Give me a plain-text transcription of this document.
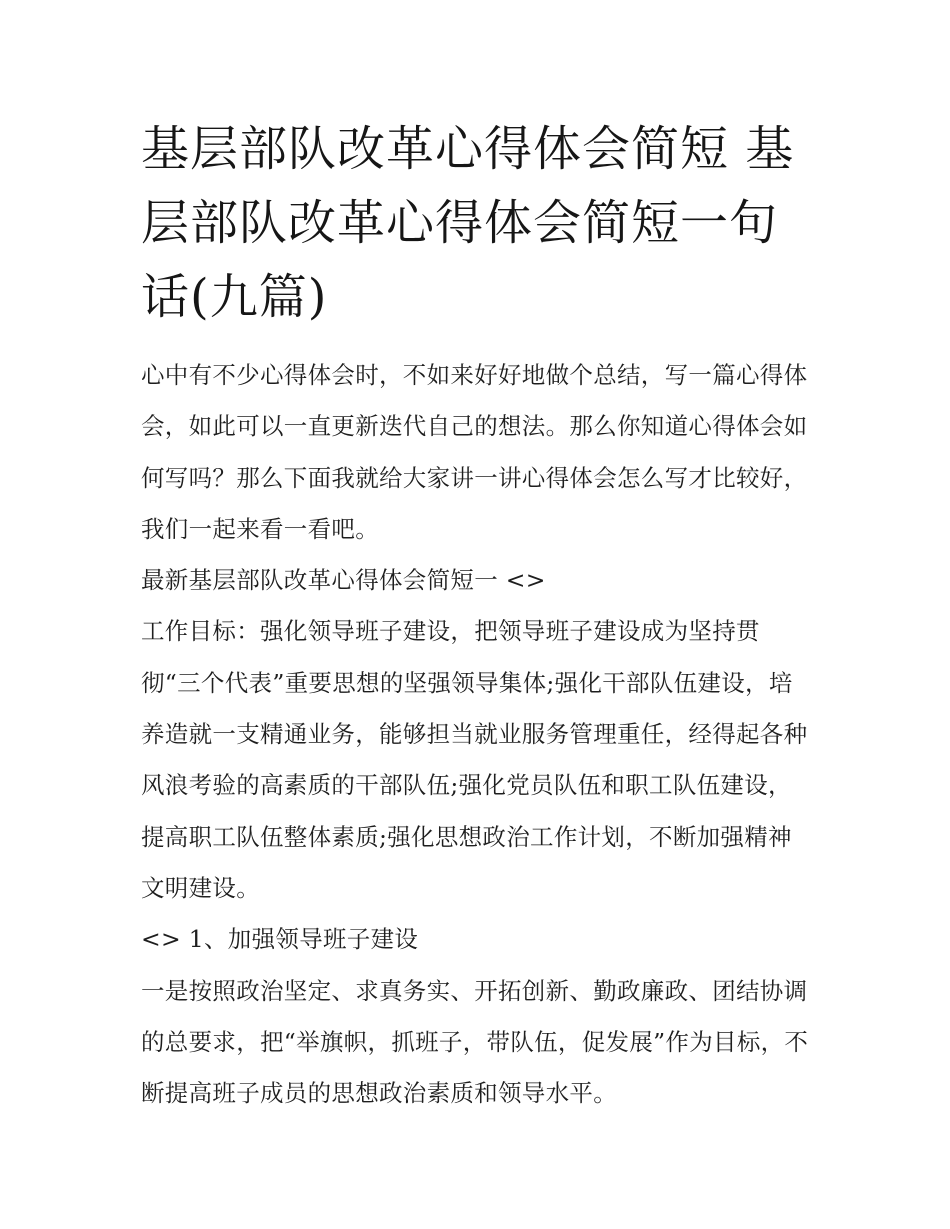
基层部队改革心得体会简短 基层部队改革心得体会简短一句话(九篇)

心中有不少心得体会时，不如来好好地做个总结，写一篇心得体会，如此可以一直更新迭代自己的想法。那么你知道心得体会如何写吗？那么下面我就给大家讲一讲心得体会怎么写才比较好，我们一起来看一看吧。

最新基层部队改革心得体会简短一 <>

工作目标：强化领导班子建设，把领导班子建设成为坚持贯彻“三个代表”重要思想的坚强领导集体;强化干部队伍建设，培养造就一支精通业务，能够担当就业服务管理重任，经得起各种风浪考验的高素质的干部队伍;强化党员队伍和职工队伍建设，提高职工队伍整体素质;强化思想政治工作计划，不断加强精神文明建设。

<> 1、加强领导班子建设

一是按照政治坚定、求真务实、开拓创新、勤政廉政、团结协调的总要求，把“举旗帜，抓班子，带队伍，促发展”作为目标，不断提高班子成员的思想政治素质和领导水平。
